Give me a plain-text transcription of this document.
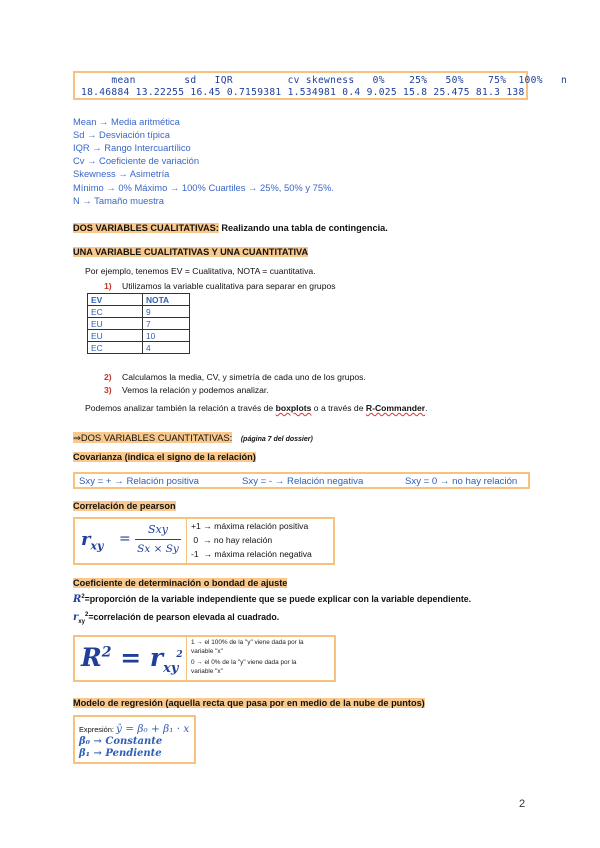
mean        sd   IQR         cv skewness   0%    25%   50%    75%  100%   n
18.46884 13.22255 16.45 0.7159381 1.534981 0.4 9.025 15.8 25.475 81.3 138
Mean → Media aritmética
Sd → Desviación típica
IQR → Rango Intercuartílico
Cv → Coeficiente de variación
Skewness → Asimetría
Mínimo → 0% Máximo → 100% Cuartiles → 25%, 50% y 75%.
N → Tamaño muestra
DOS VARIABLES CUALITATIVAS: Realizando una tabla de contingencia.
UNA VARIABLE CUALITATIVAS Y UNA CUANTITATIVA
Por ejemplo, tenemos EV = Cualitativa, NOTA = cuantitativa.
1) Utilizamos la variable cualitativa para separar en grupos
EV	NOTA
EC	9
EU	7
EU	10
EC	4
2) Calculamos la media, CV, y simetría de cada uno de los grupos.
3) Vemos la relación y podemos analizar.
Podemos analizar también la relación a través de boxplots o a través de R-Commander.
⇒DOS VARIABLES CUANTITATIVAS: (página 7 del dossier)
Covarianza (indica el signo de la relación)
Sxy = + → Relación positiva	Sxy = - → Relación negativa	Sxy = 0 → no hay relación
Correlación de pearson
$r_{xy}$ =
Sxy
Sx × Sy
+1 → máxima relación positiva
0  → no hay relación
-1  → máxima relación negativa
Coeficiente de determinación o bondad de ajuste
$R^2=proporción$ de la variable independiente que se puede explicar con la variable dependiente.
$r_{xy}^2=correlación$ de pearson elevada al cuadrado.
$R^2 = r_{xy}^2$
1 → el 100% de la "y" viene dada por la
variable "x"
0 → el 0% de la "y" viene dada por la
variable "x"
Modelo de regresión (aquella recta que pasa por en medio de la nube de puntos)
Expresión: ŷ = β₀ + β₁ · x
β₀ → Constante
β₁ → Pendiente
2
